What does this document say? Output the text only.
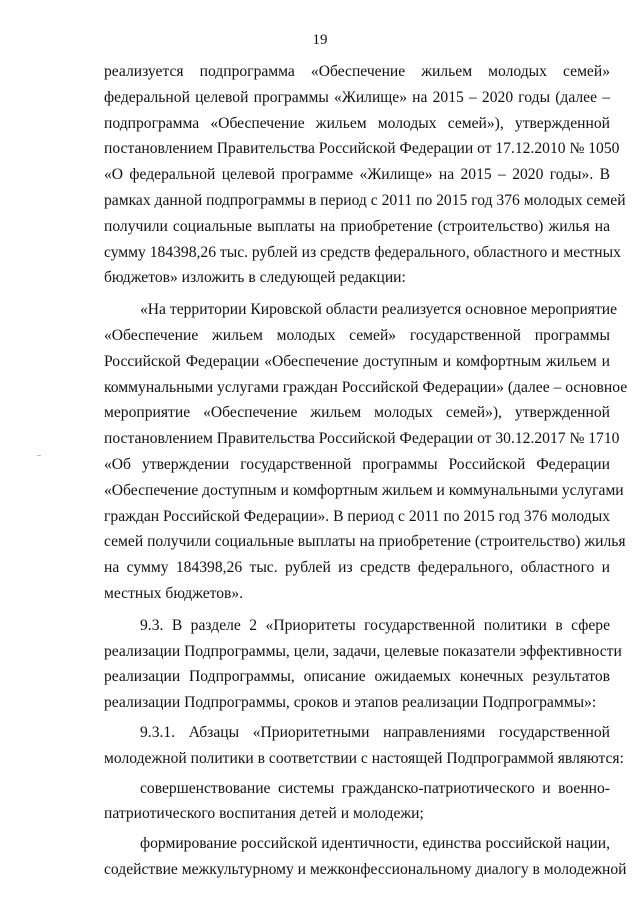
19
реализуется подпрограмма «Обеспечение жильем молодых семей»
федеральной целевой программы «Жилище» на 2015 – 2020 годы (далее –
подпрограмма «Обеспечение жильем молодых семей»), утвержденной
постановлением Правительства Российской Федерации от 17.12.2010 № 1050
«О федеральной целевой программе «Жилище» на 2015 – 2020 годы». В
рамках данной подпрограммы в период с 2011 по 2015 год 376 молодых семей
получили социальные выплаты на приобретение (строительство) жилья на
сумму 184398,26 тыс. рублей из средств федерального, областного и местных
бюджетов» изложить в следующей редакции:
«На территории Кировской области реализуется основное мероприятие
«Обеспечение жильем молодых семей» государственной программы
Российской Федерации «Обеспечение доступным и комфортным жильем и
коммунальными услугами граждан Российской Федерации» (далее – основное
мероприятие «Обеспечение жильем молодых семей»), утвержденной
постановлением Правительства Российской Федерации от 30.12.2017 № 1710
«Об утверждении государственной программы Российской Федерации
«Обеспечение доступным и комфортным жильем и коммунальными услугами
граждан Российской Федерации». В период с 2011 по 2015 год 376 молодых
семей получили социальные выплаты на приобретение (строительство) жилья
на сумму 184398,26 тыс. рублей из средств федерального, областного и
местных бюджетов».
9.3. В разделе 2 «Приоритеты государственной политики в сфере
реализации Подпрограммы, цели, задачи, целевые показатели эффективности
реализации Подпрограммы, описание ожидаемых конечных результатов
реализации Подпрограммы, сроков и этапов реализации Подпрограммы»:
9.3.1. Абзацы «Приоритетными направлениями государственной
молодежной политики в соответствии с настоящей Подпрограммой являются:
совершенствование системы гражданско-патриотического и военно-
патриотического воспитания детей и молодежи;
формирование российской идентичности, единства российской нации,
содействие межкультурному и межконфессиональному диалогу в молодежной
